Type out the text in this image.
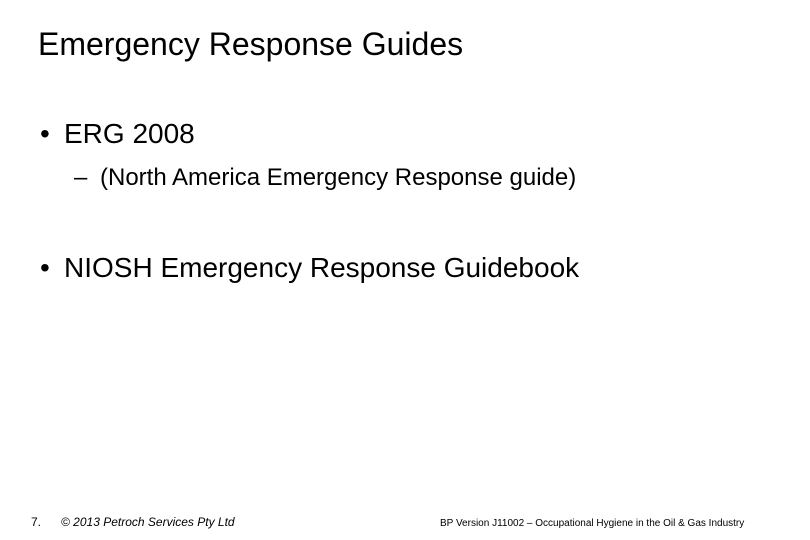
Emergency Response Guides
• ERG 2008
– (North America Emergency Response guide)
• NIOSH Emergency Response Guidebook
7. © 2013 Petroch Services Pty Ltd	BP Version J11002 – Occupational Hygiene in the Oil & Gas Industry
